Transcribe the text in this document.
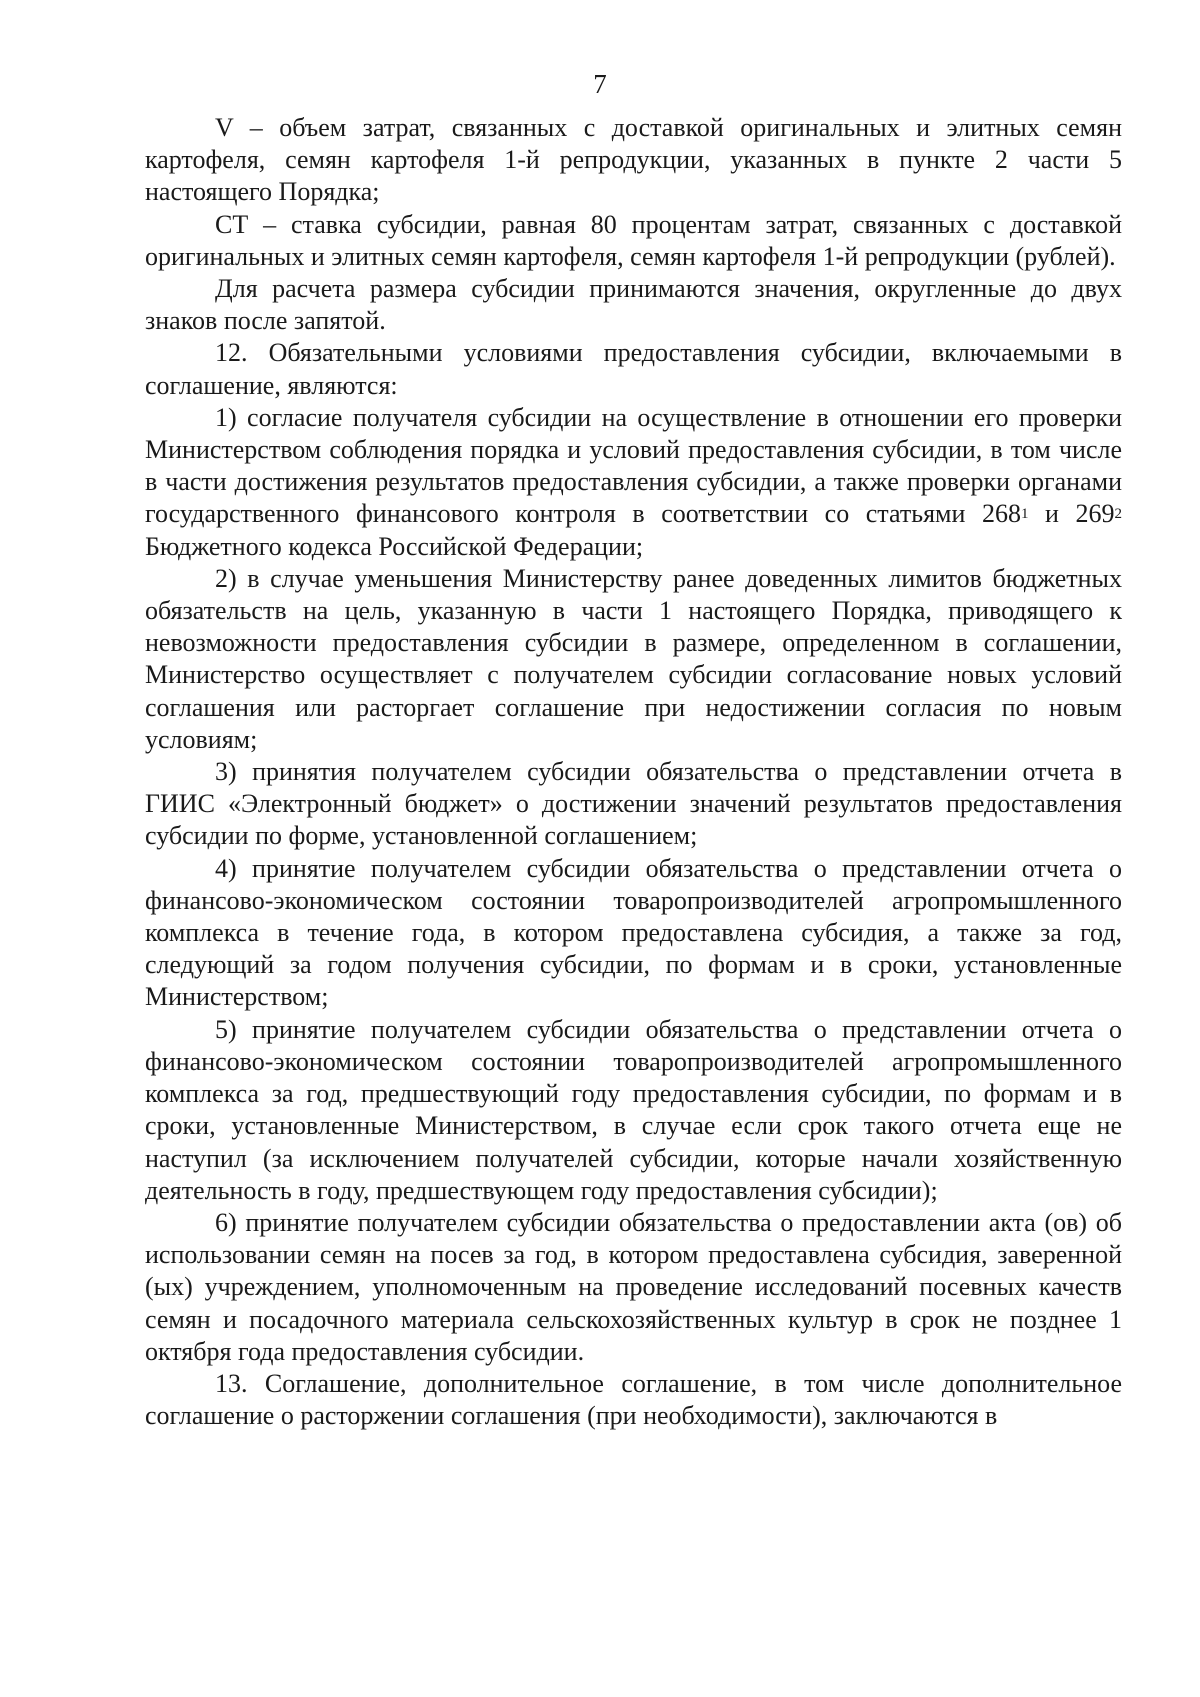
7

V – объем затрат, связанных с доставкой оригинальных и элитных семян картофеля, семян картофеля 1-й репродукции, указанных в пункте 2 части 5 настоящего Порядка;

СТ – ставка субсидии, равная 80 процентам затрат, связанных с доставкой оригинальных и элитных семян картофеля, семян картофеля 1-й репродукции (рублей).

Для расчета размера субсидии принимаются значения, округленные до двух знаков после запятой.

12. Обязательными условиями предоставления субсидии, включаемыми в соглашение, являются:

1) согласие получателя субсидии на осуществление в отношении его проверки Министерством соблюдения порядка и условий предоставления субсидии, в том числе в части достижения результатов предоставления субсидии, а также проверки органами государственного финансового контроля в соответствии со статьями $268^1$ и $269^2$ Бюджетного кодекса Российской Федерации;

2) в случае уменьшения Министерству ранее доведенных лимитов бюджетных обязательств на цель, указанную в части 1 настоящего Порядка, приводящего к невозможности предоставления субсидии в размере, определенном в соглашении, Министерство осуществляет с получателем субсидии согласование новых условий соглашения или расторгает соглашение при недостижении согласия по новым условиям;

3) принятия получателем субсидии обязательства о представлении отчета в ГИИС «Электронный бюджет» о достижении значений результатов предоставления субсидии по форме, установленной соглашением;

4) принятие получателем субсидии обязательства о представлении отчета о финансово-экономическом состоянии товаропроизводителей агропромышленного комплекса в течение года, в котором предоставлена субсидия, а также за год, следующий за годом получения субсидии, по формам и в сроки, установленные Министерством;

5) принятие получателем субсидии обязательства о представлении отчета о финансово-экономическом состоянии товаропроизводителей агропромышленного комплекса за год, предшествующий году предоставления субсидии, по формам и в сроки, установленные Министерством, в случае если срок такого отчета еще не наступил (за исключением получателей субсидии, которые начали хозяйственную деятельность в году, предшествующем году предоставления субсидии);

6) принятие получателем субсидии обязательства о предоставлении акта (ов) об использовании семян на посев за год, в котором предоставлена субсидия, заверенной (ых) учреждением, уполномоченным на проведение исследований посевных качеств семян и посадочного материала сельскохозяйственных культур в срок не позднее 1 октября года предоставления субсидии.

13. Соглашение, дополнительное соглашение, в том числе дополнительное соглашение о расторжении соглашения (при необходимости), заключаются в
